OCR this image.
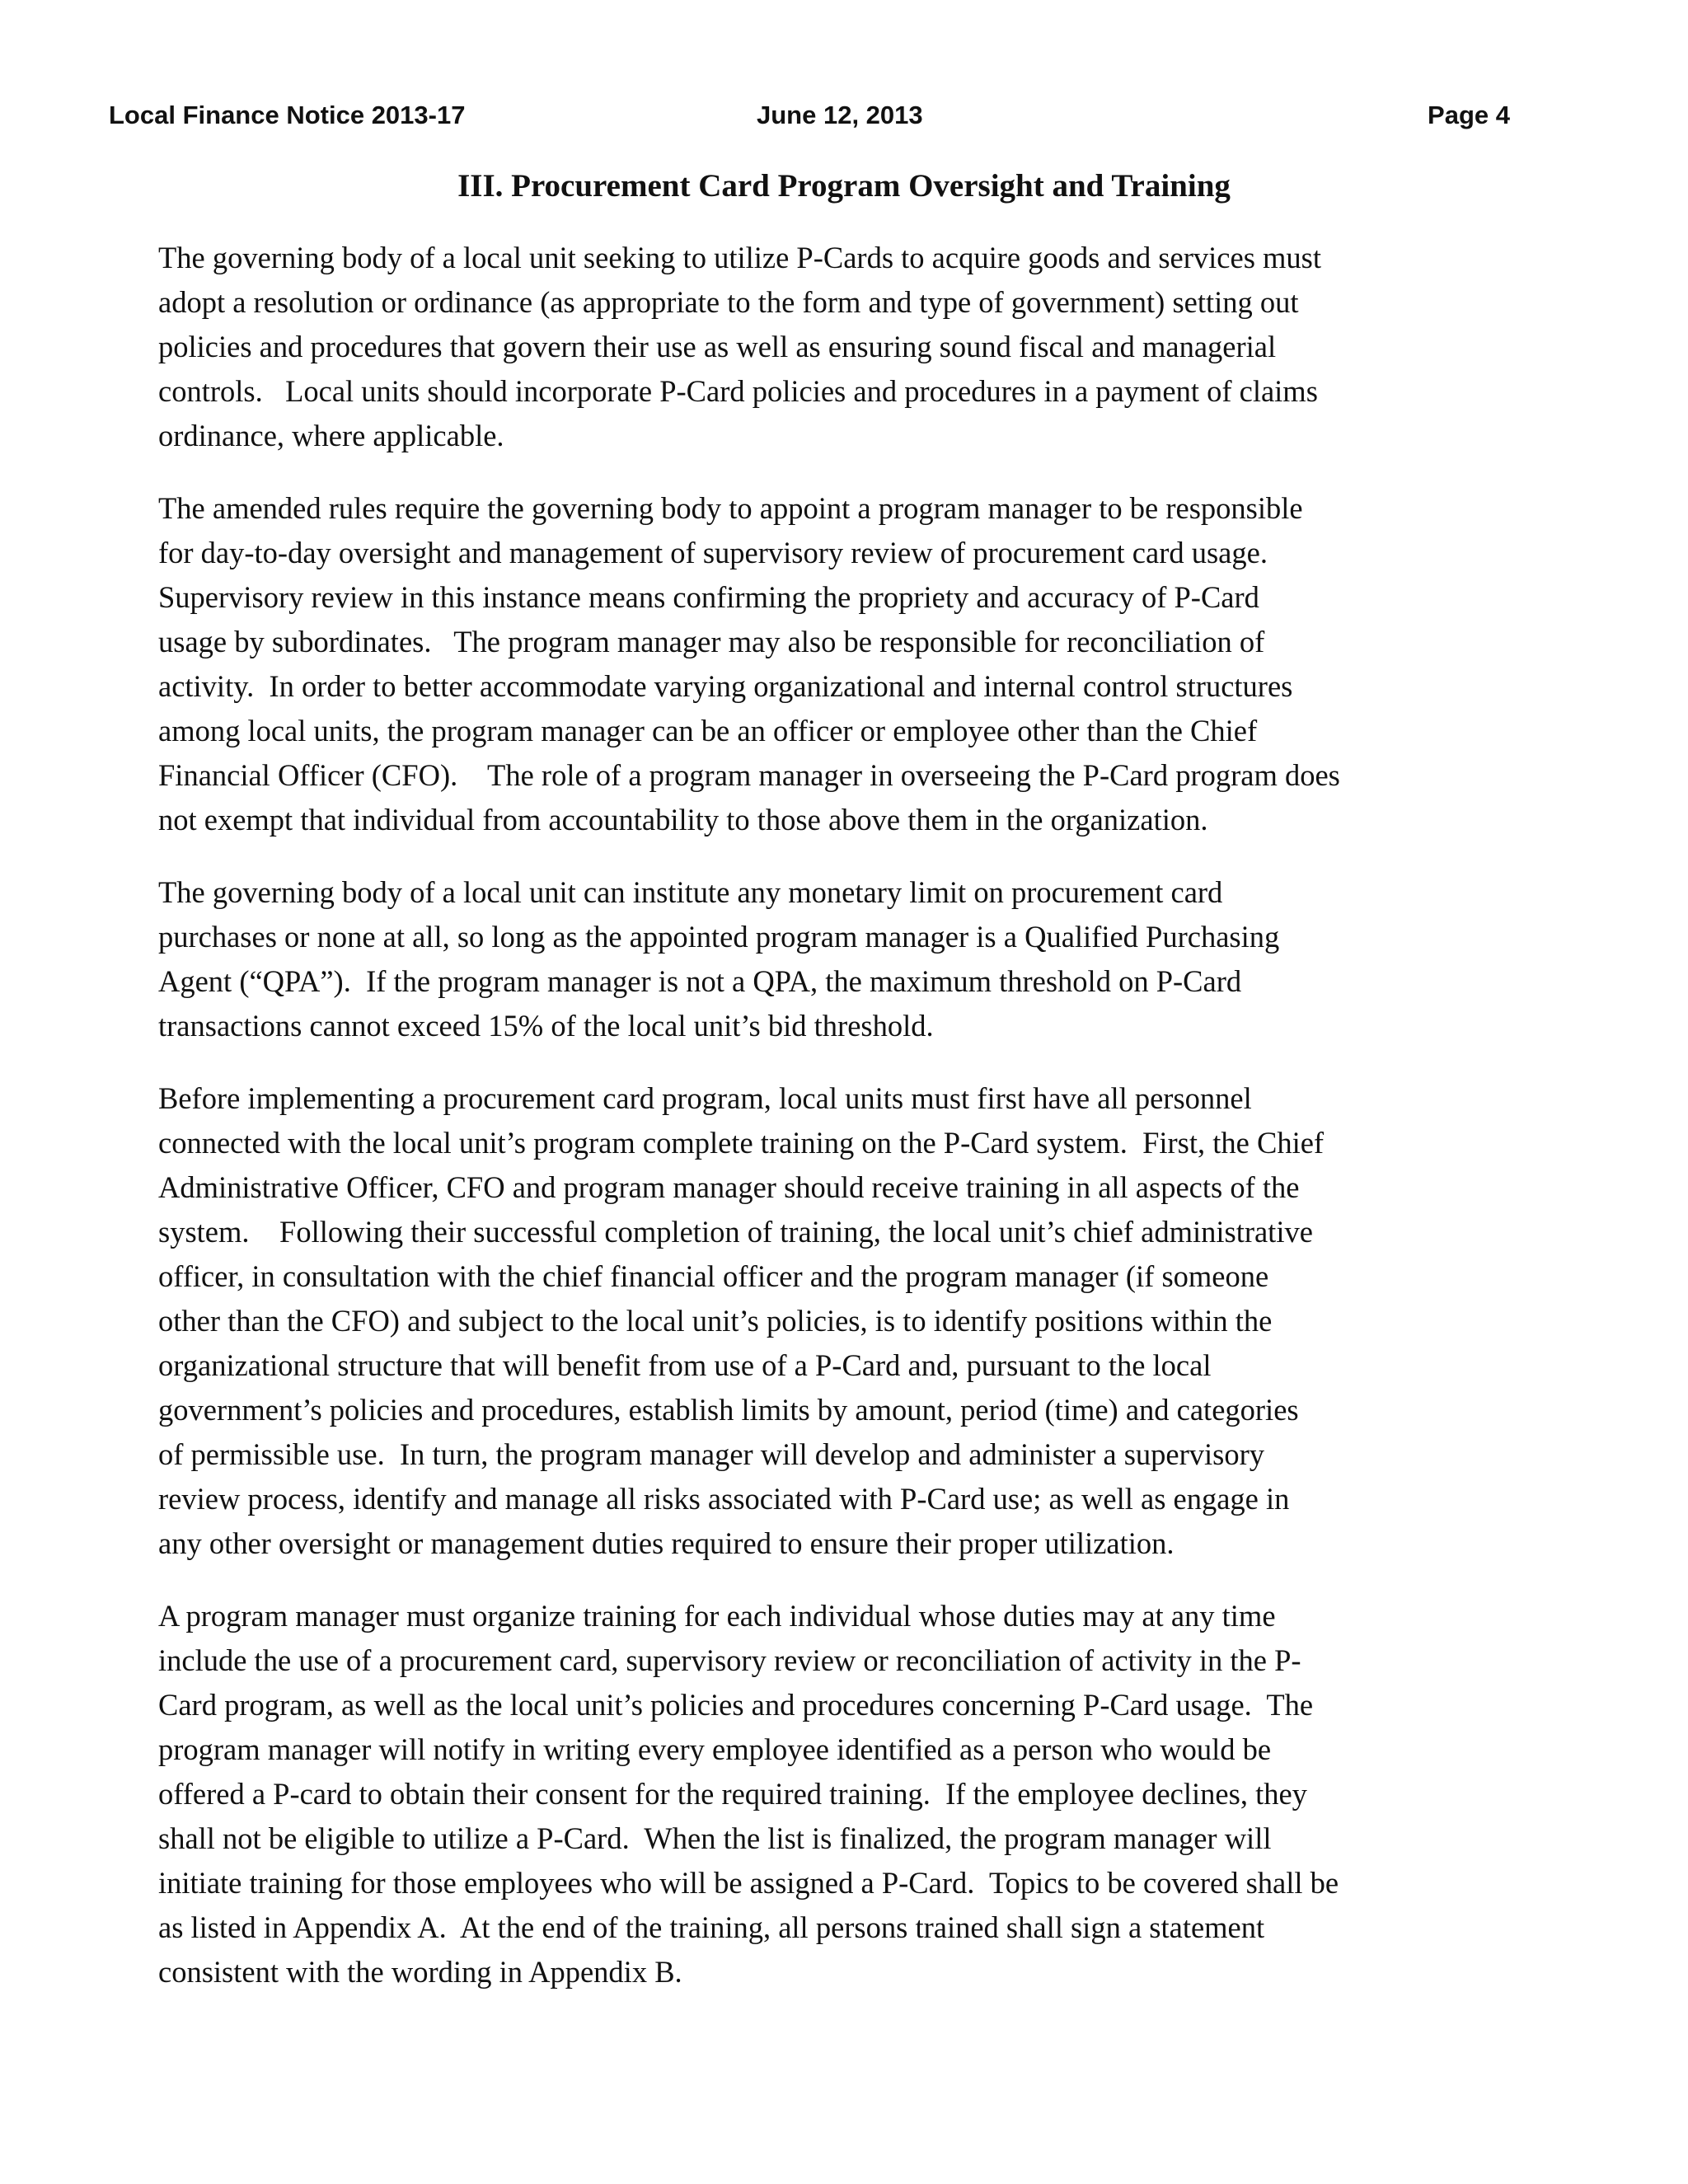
Local Finance Notice 2013-17	June 12, 2013	Page 4
III. Procurement Card Program Oversight and Training

The governing body of a local unit seeking to utilize P-Cards to acquire goods and services must
adopt a resolution or ordinance (as appropriate to the form and type of government) setting out
policies and procedures that govern their use as well as ensuring sound fiscal and managerial
controls.   Local units should incorporate P-Card policies and procedures in a payment of claims
ordinance, where applicable.

The amended rules require the governing body to appoint a program manager to be responsible
for day-to-day oversight and management of supervisory review of procurement card usage.
Supervisory review in this instance means confirming the propriety and accuracy of P-Card
usage by subordinates.   The program manager may also be responsible for reconciliation of
activity.  In order to better accommodate varying organizational and internal control structures
among local units, the program manager can be an officer or employee other than the Chief
Financial Officer (CFO).    The role of a program manager in overseeing the P-Card program does
not exempt that individual from accountability to those above them in the organization.

The governing body of a local unit can institute any monetary limit on procurement card
purchases or none at all, so long as the appointed program manager is a Qualified Purchasing
Agent (“QPA”).  If the program manager is not a QPA, the maximum threshold on P-Card
transactions cannot exceed 15% of the local unit’s bid threshold.

Before implementing a procurement card program, local units must first have all personnel
connected with the local unit’s program complete training on the P-Card system.  First, the Chief
Administrative Officer, CFO and program manager should receive training in all aspects of the
system.    Following their successful completion of training, the local unit’s chief administrative
officer, in consultation with the chief financial officer and the program manager (if someone
other than the CFO) and subject to the local unit’s policies, is to identify positions within the
organizational structure that will benefit from use of a P-Card and, pursuant to the local
government’s policies and procedures, establish limits by amount, period (time) and categories
of permissible use.  In turn, the program manager will develop and administer a supervisory
review process, identify and manage all risks associated with P-Card use; as well as engage in
any other oversight or management duties required to ensure their proper utilization.

A program manager must organize training for each individual whose duties may at any time
include the use of a procurement card, supervisory review or reconciliation of activity in the P-
Card program, as well as the local unit’s policies and procedures concerning P-Card usage.  The
program manager will notify in writing every employee identified as a person who would be
offered a P-card to obtain their consent for the required training.  If the employee declines, they
shall not be eligible to utilize a P-Card.  When the list is finalized, the program manager will
initiate training for those employees who will be assigned a P-Card.  Topics to be covered shall be
as listed in Appendix A.  At the end of the training, all persons trained shall sign a statement
consistent with the wording in Appendix B.
